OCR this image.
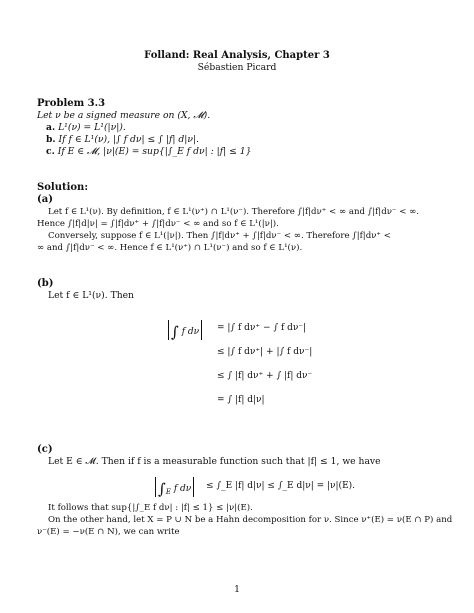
Folland: Real Analysis, Chapter 3
Sébastien Picard
Problem 3.3
Let ν be a signed measure on (X, 𝓜).
a. L¹(ν) = L¹(|ν|).
b. If f ∈ L¹(ν), |∫ f dν| ≤ ∫ |f| d|ν|.
c. If E ∈ 𝓜, |ν|(E) = sup{|∫_E f dν| : |f| ≤ 1}
Solution:
(a)
Let f ∈ L¹(ν). By definition, f ∈ L¹(ν⁺) ∩ L¹(ν⁻). Therefore ∫|f|dν⁺ < ∞ and ∫|f|dν⁻ < ∞.
Hence ∫|f|d|ν| = ∫|f|dν⁺ + ∫|f|dν⁻ < ∞ and so f ∈ L¹(|ν|).
Conversely, suppose f ∈ L¹(|ν|). Then ∫|f|dν⁺ + ∫|f|dν⁻ < ∞. Therefore ∫|f|dν⁺ <
∞ and ∫|f|dν⁻ < ∞. Hence f ∈ L¹(ν⁺) ∩ L¹(ν⁻) and so f ∈ L¹(ν).
(b)
Let f ∈ L¹(ν). Then
∫ f dν	= |∫ f dν⁺ − ∫ f dν⁻|
≤ |∫ f dν⁺| + |∫ f dν⁻|
≤ ∫ |f| dν⁺ + ∫ |f| dν⁻
= ∫ |f| d|ν|
(c)
Let E ∈ 𝓜. Then if f is a measurable function such that |f| ≤ 1, we have
$\int_E$ f dν	≤ ∫_E |f| d|ν| ≤ ∫_E d|ν| = |ν|(E).
It follows that sup{|∫_E f dν| : |f| ≤ 1} ≤ |ν|(E).
On the other hand, let X = P ∪ N be a Hahn decomposition for ν. Since ν⁺(E) = ν(E ∩ P) and
ν⁻(E) = −ν(E ∩ N), we can write
1
